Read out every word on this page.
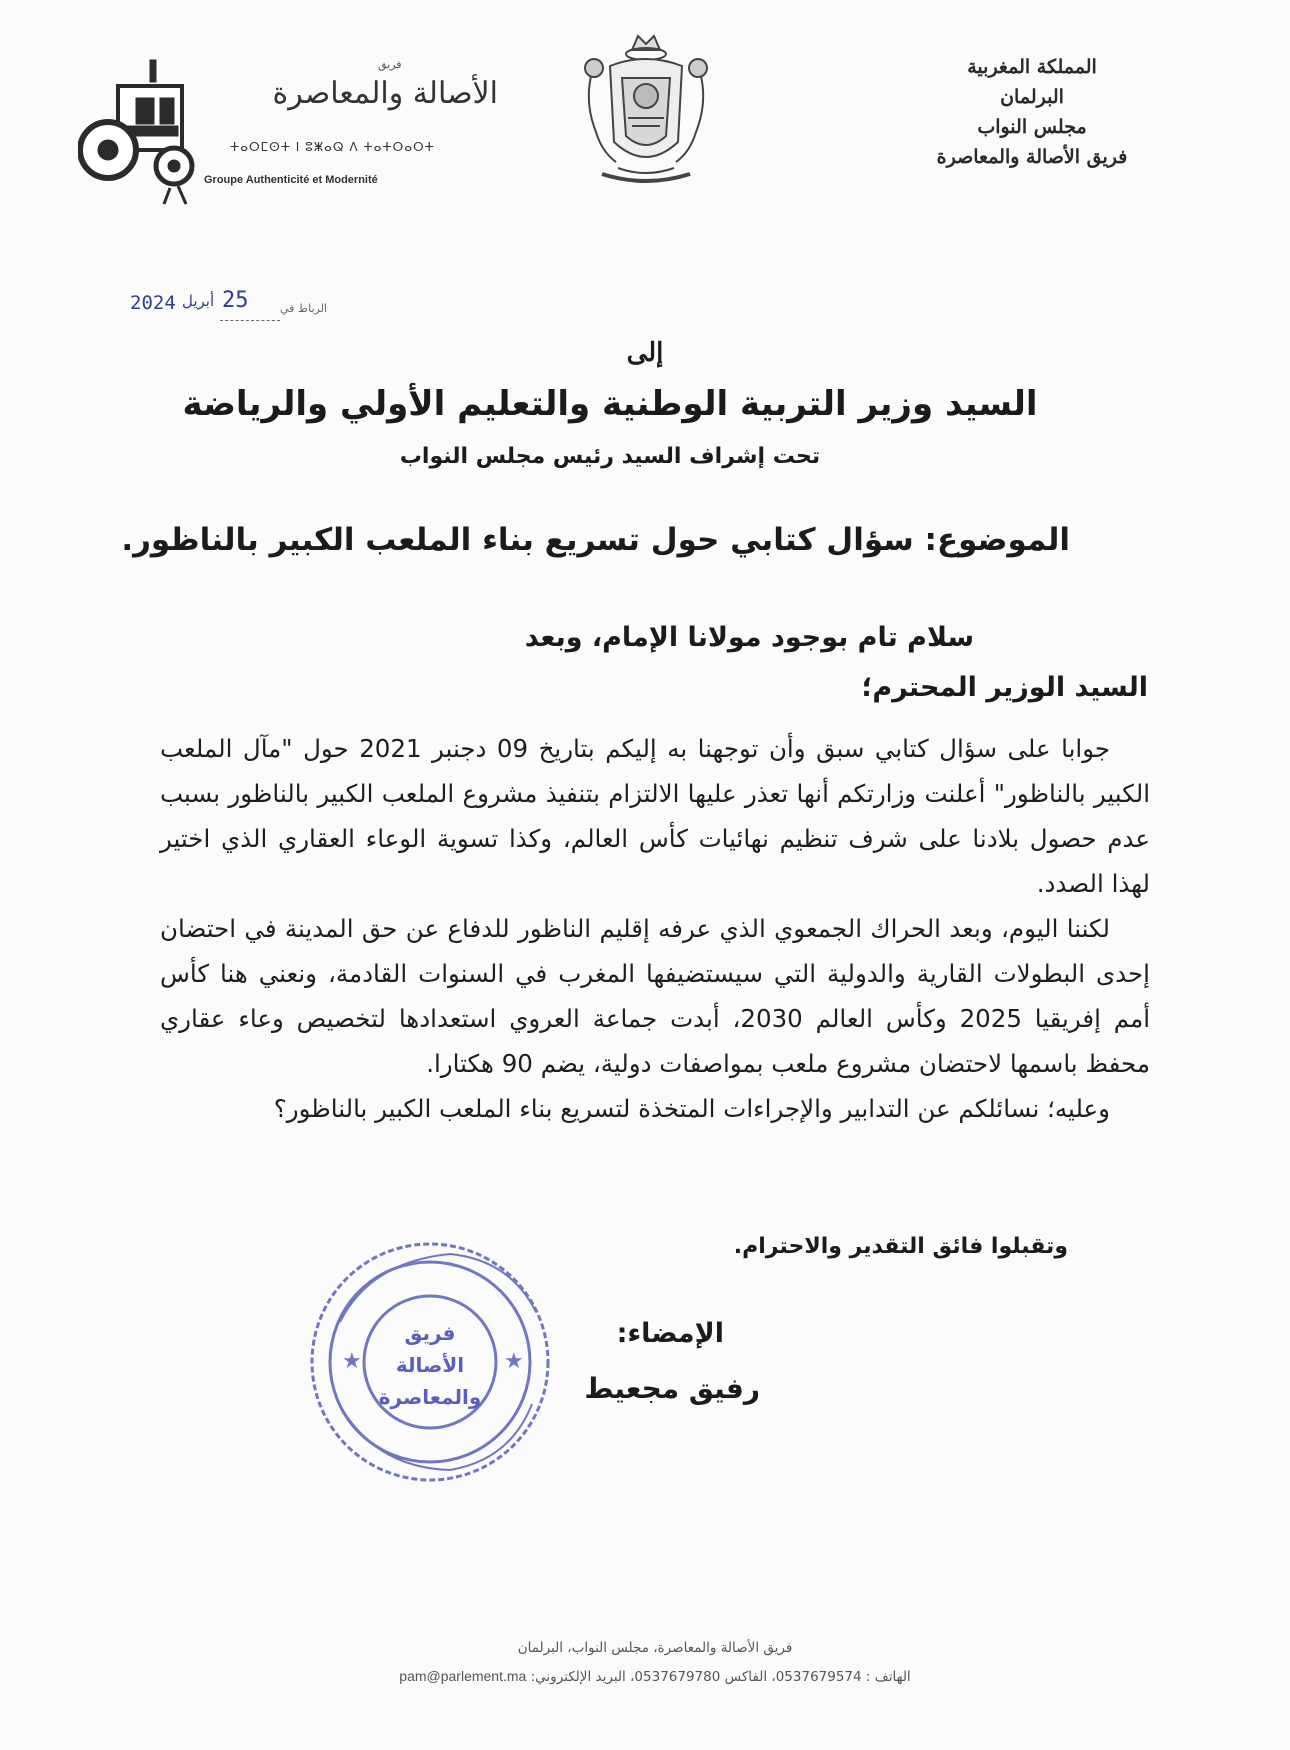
المملكة المغربية
البرلمان
مجلس النواب
فريق الأصالة والمعاصرة
فريق
الأصالة والمعاصرة
ⵜⴰⵔⵎⵙⵜ ⵏ ⵓⵥⴰⵕ ⴷ ⵜⴰⵜⵔⴰⵔⵜ
Groupe Authenticité et Modernité
2024 أبريل 25	الرباط في
إلى
السيد وزير التربية الوطنية والتعليم الأولي والرياضة
تحت إشراف السيد رئيس مجلس النواب
الموضوع: سؤال كتابي حول تسريع بناء الملعب الكبير بالناظور.
سلام تام بوجود مولانا الإمام، وبعد
السيد الوزير المحترم؛

جوابا على سؤال كتابي سبق وأن توجهنا به إليكم بتاريخ 09 دجنبر 2021 حول "مآل الملعب الكبير بالناظور" أعلنت وزارتكم أنها تعذر عليها الالتزام بتنفيذ مشروع الملعب الكبير بالناظور بسبب عدم حصول بلادنا على شرف تنظيم نهائيات كأس العالم، وكذا تسوية الوعاء العقاري الذي اختير لهذا الصدد.

لكننا اليوم، وبعد الحراك الجمعوي الذي عرفه إقليم الناظور للدفاع عن حق المدينة في احتضان إحدى البطولات القارية والدولية التي سيستضيفها المغرب في السنوات القادمة، ونعني هنا كأس أمم إفريقيا 2025 وكأس العالم 2030، أبدت جماعة العروي استعدادها لتخصيص وعاء عقاري محفظ باسمها لاحتضان مشروع ملعب بمواصفات دولية، يضم 90 هكتارا.

وعليه؛ نسائلكم عن التدابير والإجراءات المتخذة لتسريع بناء الملعب الكبير بالناظور؟

وتقبلوا فائق التقدير والاحترام.
★	★
فريق
الأصالة
والمعاصرة
الإمضاء:
رفيق مجعيط
فريق الأصالة والمعاصرة، مجلس النواب، البرلمان
الهاتف : 0537679574، الفاكس 0537679780، البريد الإلكتروني: pam@parlement.ma
